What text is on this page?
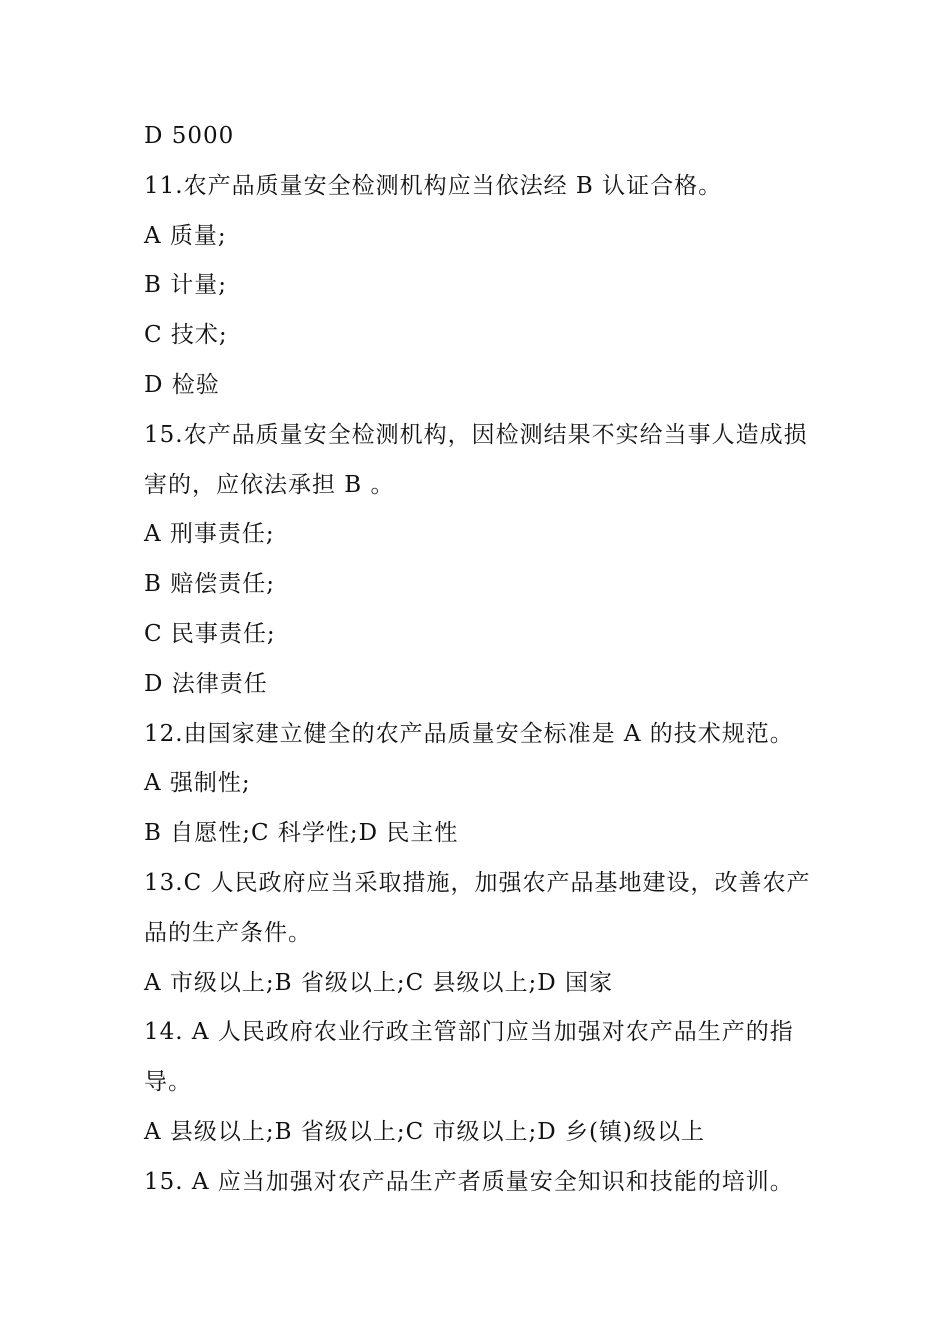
D 5000
11.农产品质量安全检测机构应当依法经 B 认证合格。
A 质量;
B 计量;
C 技术;
D 检验
15.农产品质量安全检测机构，因检测结果不实给当事人造成损
害的，应依法承担 B 。
A 刑事责任;
B 赔偿责任;
C 民事责任;
D 法律责任
12.由国家建立健全的农产品质量安全标准是 A 的技术规范。
A 强制性;
B 自愿性;C 科学性;D 民主性
13.C 人民政府应当采取措施，加强农产品基地建设，改善农产
品的生产条件。
A 市级以上;B 省级以上;C 县级以上;D 国家
14. A 人民政府农业行政主管部门应当加强对农产品生产的指
导。
A 县级以上;B 省级以上;C 市级以上;D 乡(镇)级以上
15. A 应当加强对农产品生产者质量安全知识和技能的培训。
